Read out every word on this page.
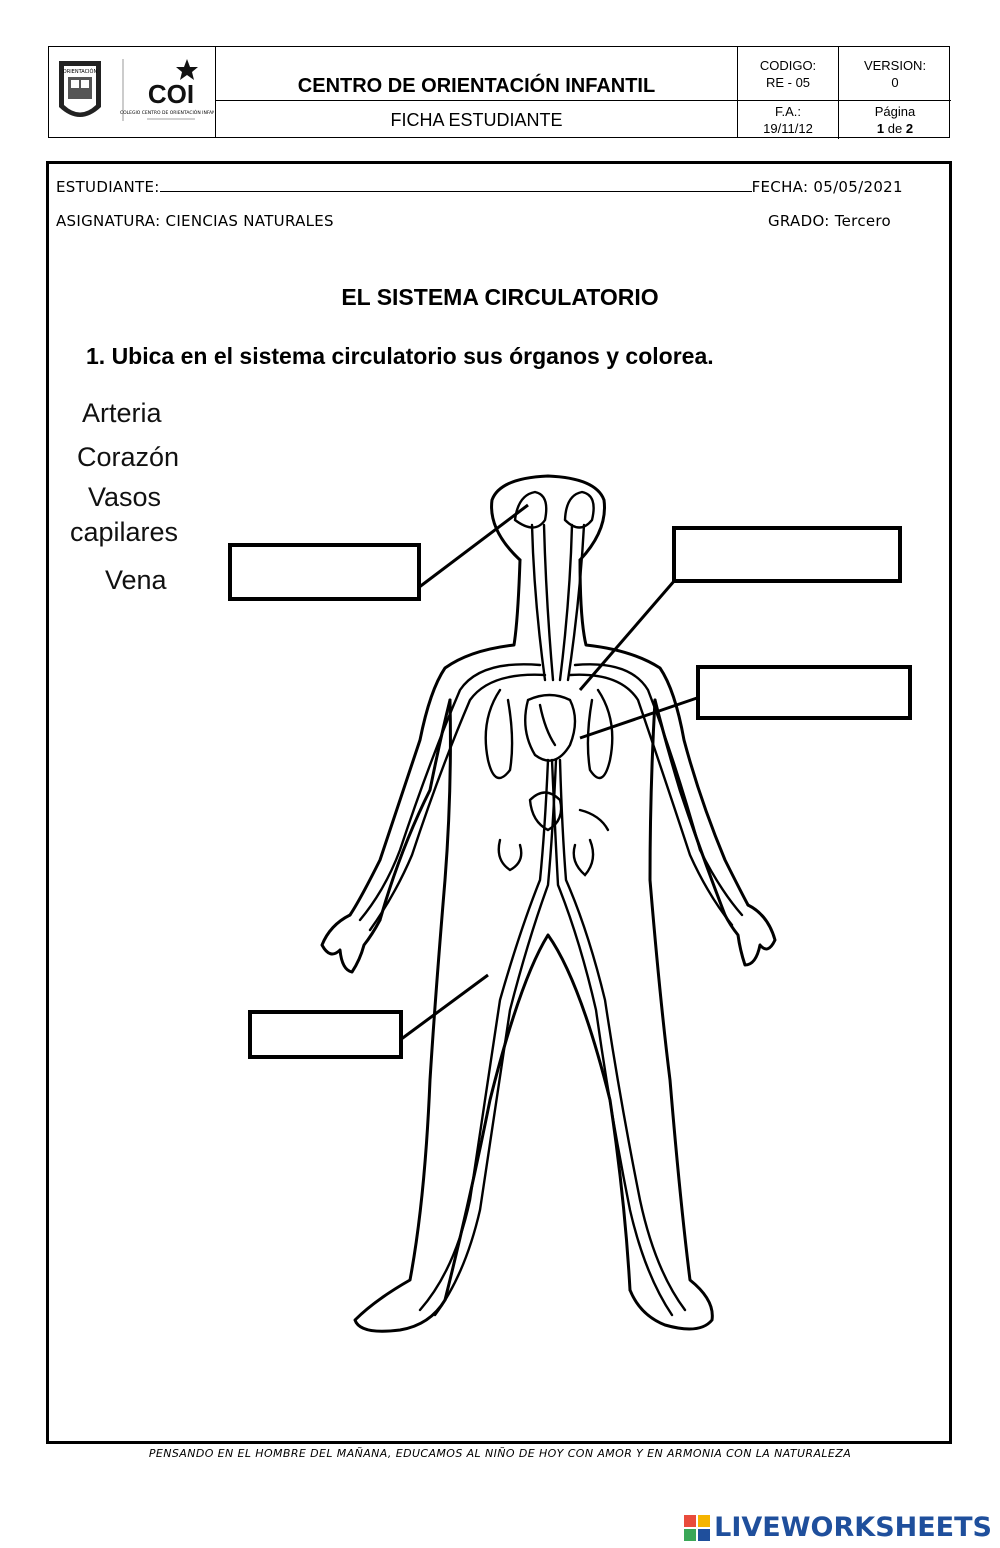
ORIENTACIÓN
COI
COLEGIO CENTRO DE ORIENTACIÓN INFANTIL
CENTRO DE ORIENTACIÓN INFANTIL
FICHA ESTUDIANTE
CODIGO:
RE - 05
VERSION:
0
F.A.:
19/11/12
Página
1 de 2
ESTUDIANTE:	FECHA: 05/05/2021
ASIGNATURA: CIENCIAS NATURALES	GRADO: Tercero
EL SISTEMA CIRCULATORIO
1. Ubica en el sistema circulatorio sus órganos y colorea.
Arteria
Corazón
Vasos
capilares
Vena
PENSANDO EN EL HOMBRE DEL MAÑANA, EDUCAMOS AL NIÑO DE HOY CON AMOR Y EN ARMONIA CON LA NATURALEZA
LIVEWORKSHEETS
